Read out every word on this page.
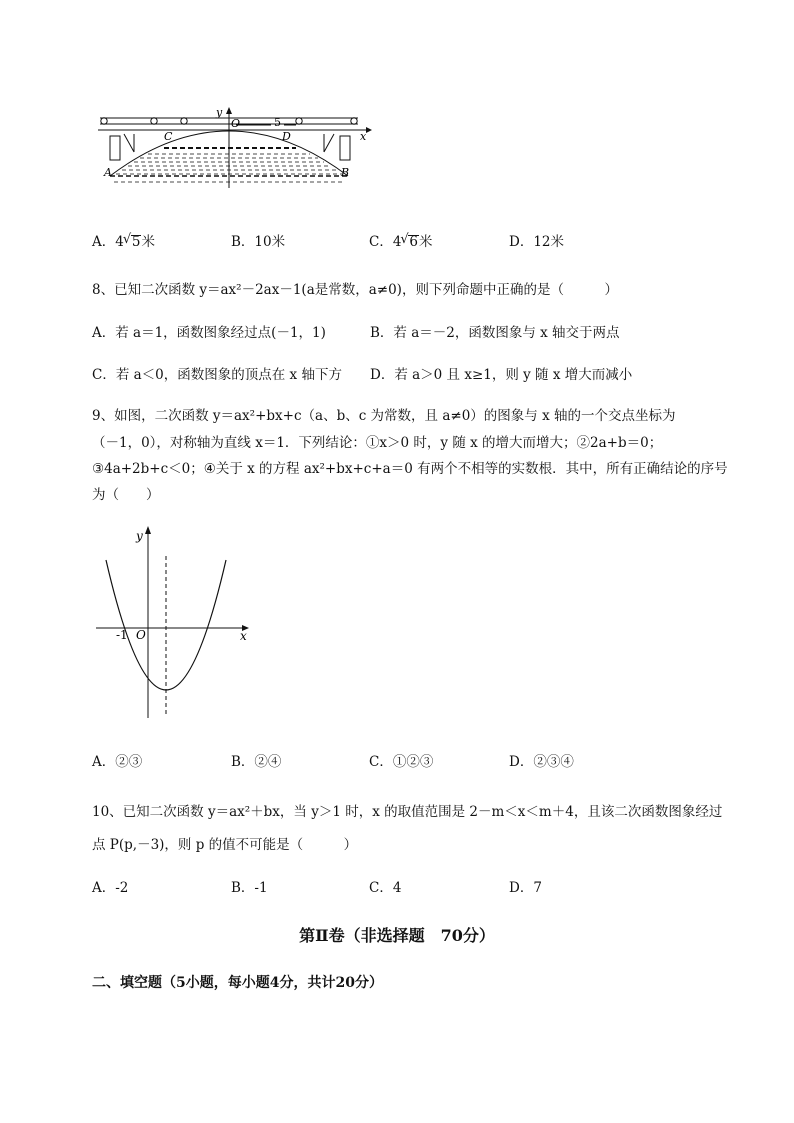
y
x
O	5
C	D
A	B
A．4 √ 5米	B．10米	C．4 √ 6米	D．12米
8、已知二次函数 y＝ax²－2ax－1(a是常数，a≠0)，则下列命题中正确的是（　　　）
A．若 a＝1，函数图象经过点(－1，1)	B．若 a＝－2，函数图象与 x 轴交于两点
C．若 a＜0，函数图象的顶点在 x 轴下方 D．若 a＞0 且 x≥1，则 y 随 x 增大而减小
9、如图，二次函数 y＝ax²+bx+c（a、b、c 为常数，且 a≠0）的图象与 x 轴的一个交点坐标为
（－1，0），对称轴为直线 x＝1．下列结论：①x＞0 时，y 随 x 的增大而增大；②2a+b＝0；
③4a+2b+c＜0；④关于 x 的方程 ax²+bx+c+a＝0 有两个不相等的实数根．其中，所有正确结论的序号
为（　　）
y
x
O
-1
A．②③	B．②④	C．①②③	D．②③④
10、已知二次函数 y＝ax²＋bx，当 y＞1 时，x 的取值范围是 2－m＜x＜m＋4，且该二次函数图象经过
点 P(p,－3)，则 p 的值不可能是（　　　）
A．-2	B．-1	C．4	D．7
第Ⅱ卷（非选择题　70分）
二、填空题（5小题，每小题4分，共计20分）
